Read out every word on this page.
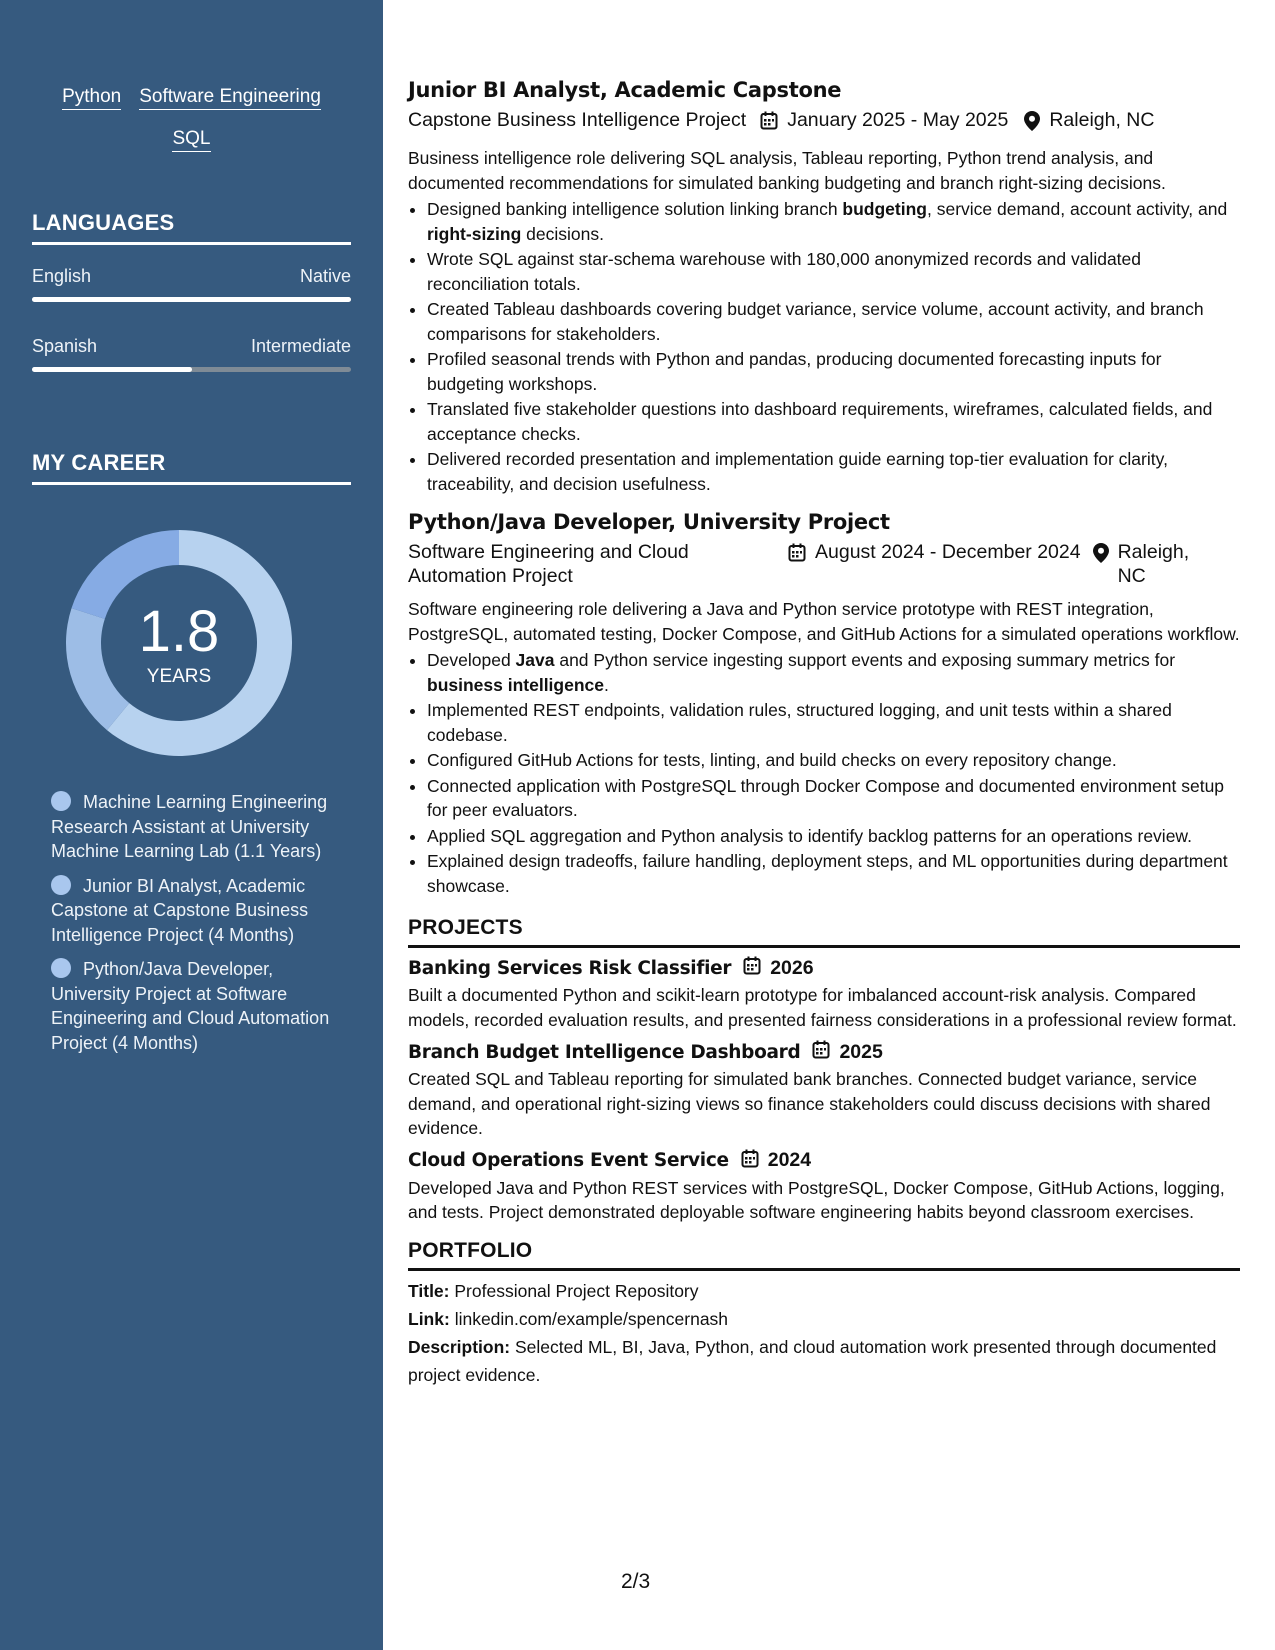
Python Software Engineering
SQL
LANGUAGES
English	Native
Spanish	Intermediate
MY CAREER
1.8
YEARS
Machine Learning Engineering Research Assistant at University Machine Learning Lab (1.1 Years)
Junior BI Analyst, Academic Capstone at Capstone Business Intelligence Project (4 Months)
Python/Java Developer, University Project at Software Engineering and Cloud Automation Project (4 Months)
Junior BI Analyst, Academic Capstone
Capstone Business Intelligence Project January 2025 - May 2025 Raleigh, NC
Business intelligence role delivering SQL analysis, Tableau reporting, Python trend analysis, and documented recommendations for simulated banking budgeting and branch right-sizing decisions.
• Designed banking intelligence solution linking branch budgeting, service demand, account activity, and right-sizing decisions.
• Wrote SQL against star-schema warehouse with 180,000 anonymized records and validated reconciliation totals.
• Created Tableau dashboards covering budget variance, service volume, account activity, and branch comparisons for stakeholders.
• Profiled seasonal trends with Python and pandas, producing documented forecasting inputs for budgeting workshops.
• Translated five stakeholder questions into dashboard requirements, wireframes, calculated fields, and acceptance checks.
• Delivered recorded presentation and implementation guide earning top-tier evaluation for clarity, traceability, and decision usefulness.
Python/Java Developer, University Project
Software Engineering and Cloud Automation Project
August 2024 - December 2024 Raleigh, NC
Software engineering role delivering a Java and Python service prototype with REST integration, PostgreSQL, automated testing, Docker Compose, and GitHub Actions for a simulated operations workflow.
• Developed Java and Python service ingesting support events and exposing summary metrics for business intelligence.
• Implemented REST endpoints, validation rules, structured logging, and unit tests within a shared codebase.
• Configured GitHub Actions for tests, linting, and build checks on every repository change.
• Connected application with PostgreSQL through Docker Compose and documented environment setup for peer evaluators.
• Applied SQL aggregation and Python analysis to identify backlog patterns for an operations review.
• Explained design tradeoffs, failure handling, deployment steps, and ML opportunities during department showcase.
PROJECTS
Banking Services Risk Classifier 2026
Built a documented Python and scikit-learn prototype for imbalanced account-risk analysis. Compared models, recorded evaluation results, and presented fairness considerations in a professional review format.
Branch Budget Intelligence Dashboard 2025
Created SQL and Tableau reporting for simulated bank branches. Connected budget variance, service demand, and operational right-sizing views so finance stakeholders could discuss decisions with shared evidence.
Cloud Operations Event Service 2024
Developed Java and Python REST services with PostgreSQL, Docker Compose, GitHub Actions, logging, and tests. Project demonstrated deployable software engineering habits beyond classroom exercises.
PORTFOLIO
Title: Professional Project Repository
Link: linkedin.com/example/spencernash
Description: Selected ML, BI, Java, Python, and cloud automation work presented through documented project evidence.
2/3
